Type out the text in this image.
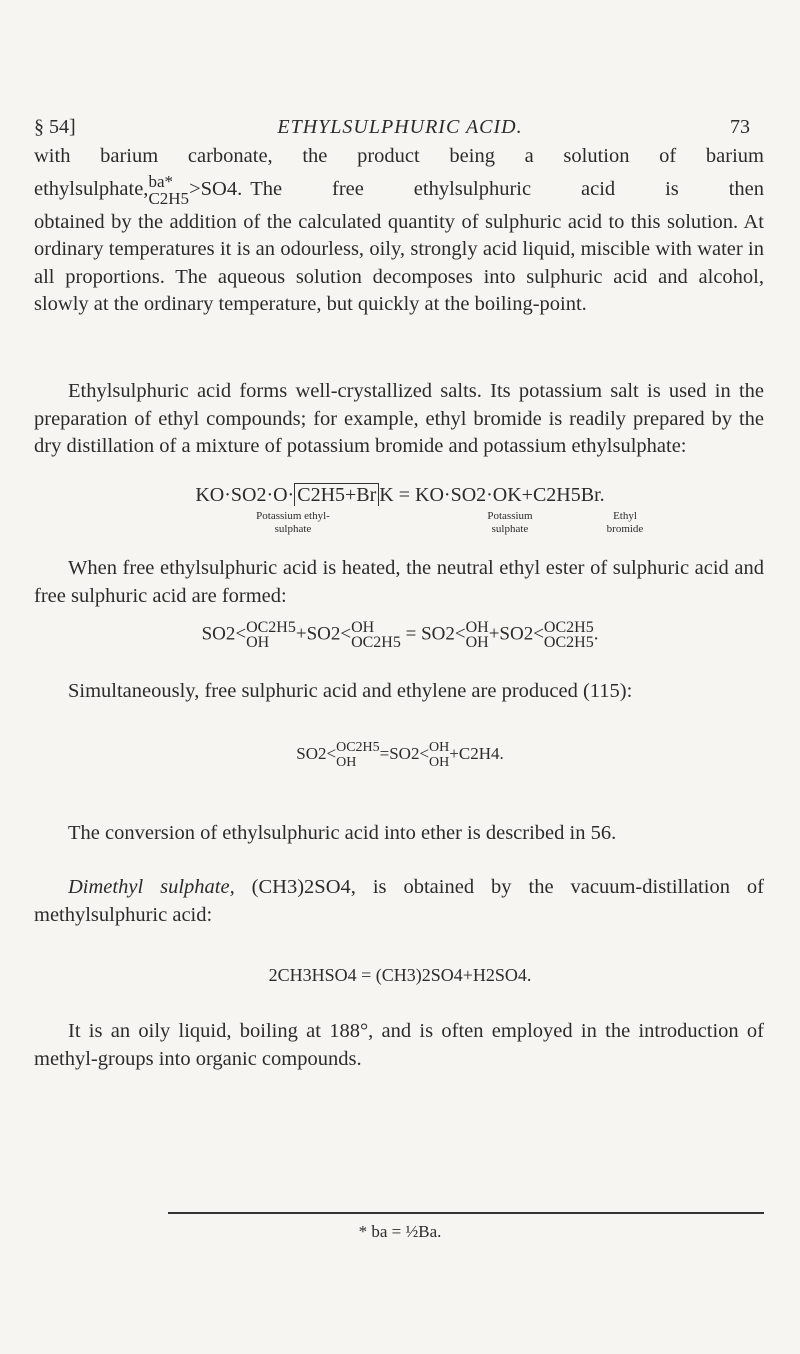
§ 54]	ETHYLSULPHURIC ACID.	73
with barium carbonate, the product being a solution of barium
ethylsulphate, ba*
C2H5 >SO4. The free ethylsulphuric acid is then
obtained by the addition of the calculated quantity of sulphuric acid to this solution. At ordinary temperatures it is an odourless, oily, strongly acid liquid, miscible with water in all proportions. The aqueous solution decomposes into sulphuric acid and alcohol, slowly at the ordinary temperature, but quickly at the boiling-point.
Ethylsulphuric acid forms well-crystallized salts. Its potassium salt is used in the preparation of ethyl compounds; for example, ethyl bromide is readily prepared by the dry distillation of a mixture of potassium bromide and potassium ethylsulphate:
KO·SO2·O· C2H5+Br K = KO·SO2·OK+C2H5Br.
Potassium ethyl-
sulphate
Potassium
sulphate
Ethyl
bromide
When free ethylsulphuric acid is heated, the neutral ethyl ester of sulphuric acid and free sulphuric acid are formed:
SO2< OC2H5
OH	+SO2< OH
OC2H5 = SO2< OH
OH +SO2< OC2H5
OC2H5 .
Simultaneously, free sulphuric acid and ethylene are produced (115):
SO2< OC2H5
OH	=SO2< OH
OH +C2H4.
The conversion of ethylsulphuric acid into ether is described in 56.
Dimethyl sulphate, (CH3)2SO4, is obtained by the vacuum-distillation of methylsulphuric acid:
2CH3HSO4 = (CH3)2SO4+H2SO4.
It is an oily liquid, boiling at 188°, and is often employed in the introduction of methyl-groups into organic compounds.
* ba = ½Ba.
